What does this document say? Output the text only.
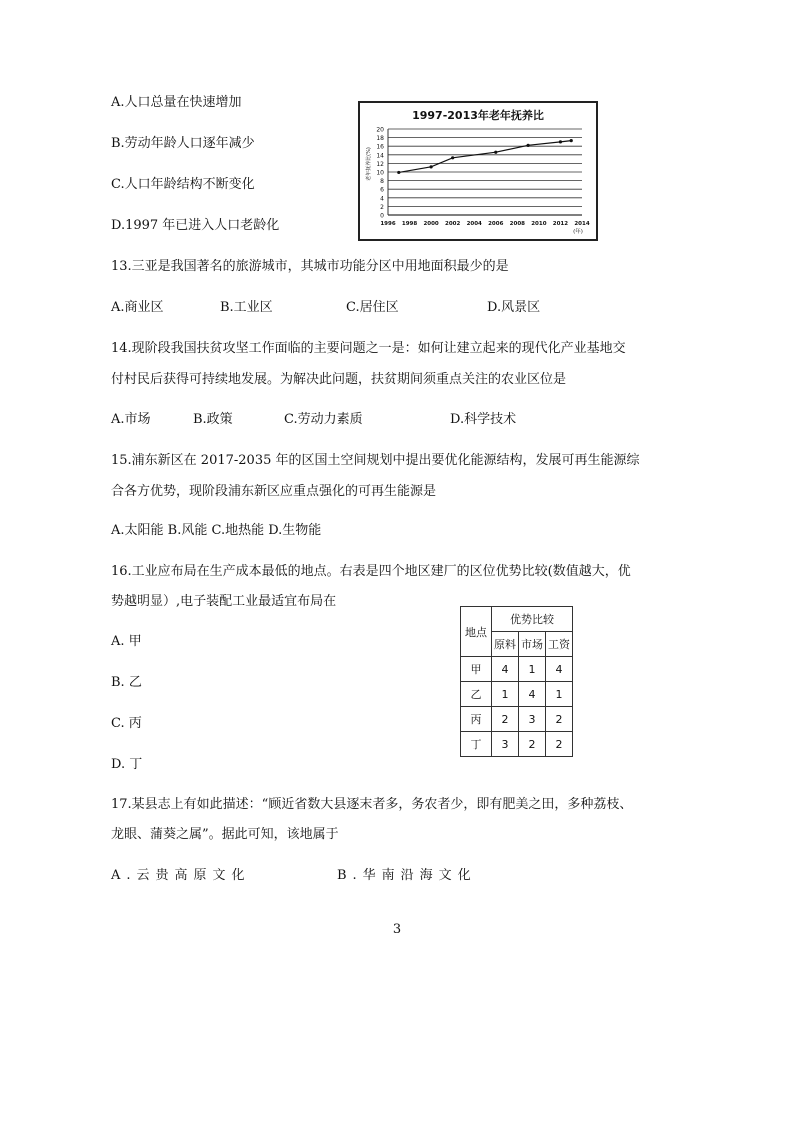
A.人口总量在快速增加
B.劳动年龄人口逐年减少
C.人口年龄结构不断变化
D.1997 年已进入人口老龄化
1997-2013年老年抚养比
0
2
4
6
8
10
12
14
16
18
20
1996 1998 2000 2002 2004 2006 2008 2010 2012 2014
(年)
老年抚养比(%)
13.三亚是我国著名的旅游城市，其城市功能分区中用地面积最少的是
A.商业区	B.工业区	C.居住区	D.风景区
14.现阶段我国扶贫攻坚工作面临的主要问题之一是：如何让建立起来的现代化产业基地交
付村民后获得可持续地发展。为解决此问题，扶贫期间须重点关注的农业区位是
A.市场	B.政策	C.劳动力素质	D.科学技术
15.浦东新区在 2017-2035 年的区国土空间规划中提出要优化能源结构，发展可再生能源综
合各方优势，现阶段浦东新区应重点强化的可再生能源是
A.太阳能 B.风能 C.地热能 D.生物能
16.工业应布局在生产成本最低的地点。右表是四个地区建厂的区位优势比较(数值越大，优
势越明显）,电子装配工业最适宜布局在
A. 甲
B. 乙
C. 丙
D. 丁
地点	优势比较		
	原料	市场	工资
甲	4	1	4
乙	1	4	1
丙	2	3	2
丁	3	2	2
17.某县志上有如此描述：“顾近省数大县逐末者多，务农者少，即有肥美之田，多种荔枝、
龙眼、蒲葵之属”。据此可知，该地属于
A.云贵高原文化	B.华南沿海文化
3
